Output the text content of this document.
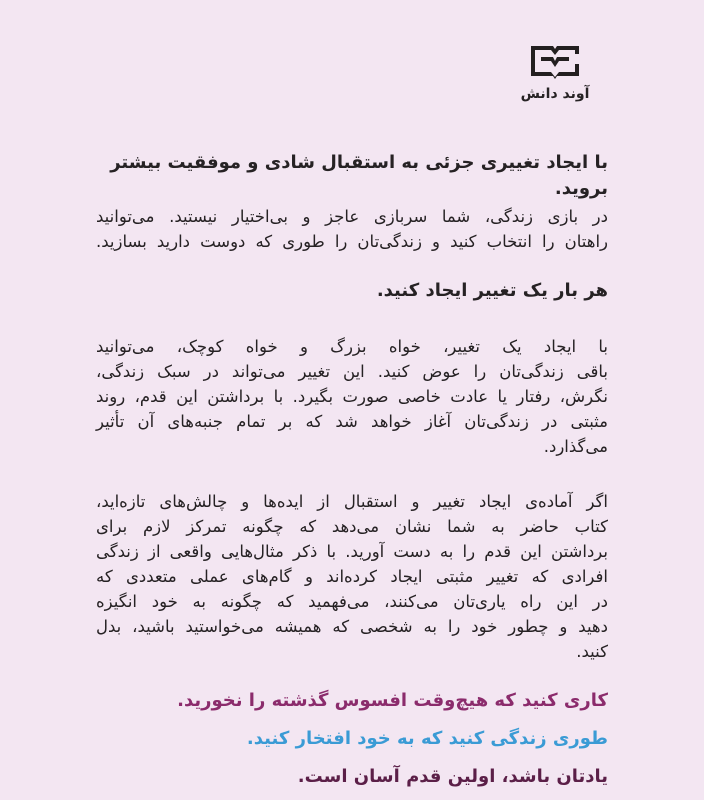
آوند دانش
با ایجاد تغییری جزئی به استقبال شادی و موفقیت بیشتر بروید.
در بازی زندگی، شما سربازی عاجز و بی‌اختیار نیستید. می‌توانید
راهتان را انتخاب کنید و زندگی‌تان را طوری که دوست دارید بسازید.
هر بار یک تغییر ایجاد کنید.
با ایجاد یک تغییر، خواه بزرگ و خواه کوچک، می‌توانید
باقی زندگی‌تان را عوض کنید. این تغییر می‌تواند در سبک زندگی،
نگرش، رفتار یا عادت خاصی صورت بگیرد. با برداشتن این قدم، روند
مثبتی در زندگی‌تان آغاز خواهد شد که بر تمام جنبه‌های آن تأثیر
می‌گذارد.
اگر آماده‌ی ایجاد تغییر و استقبال از ایده‌ها و چالش‌های تازه‌اید،
کتاب حاضر به شما نشان می‌دهد که چگونه تمرکز لازم برای
برداشتن این قدم را به دست آورید. با ذکر مثال‌هایی واقعی از زندگی
افرادی که تغییر مثبتی ایجاد کرده‌اند و گام‌های عملی متعددی که
در این راه یاری‌تان می‌کنند، می‌فهمید که چگونه به خود انگیزه
دهید و چطور خود را به شخصی که همیشه می‌خواستید باشید، بدل
کنید.
کاری کنید که هیچ‌وقت افسوس گذشته را نخورید.
طوری زندگی کنید که به خود افتخار کنید.
یادتان باشد، اولین قدم آسان است.
